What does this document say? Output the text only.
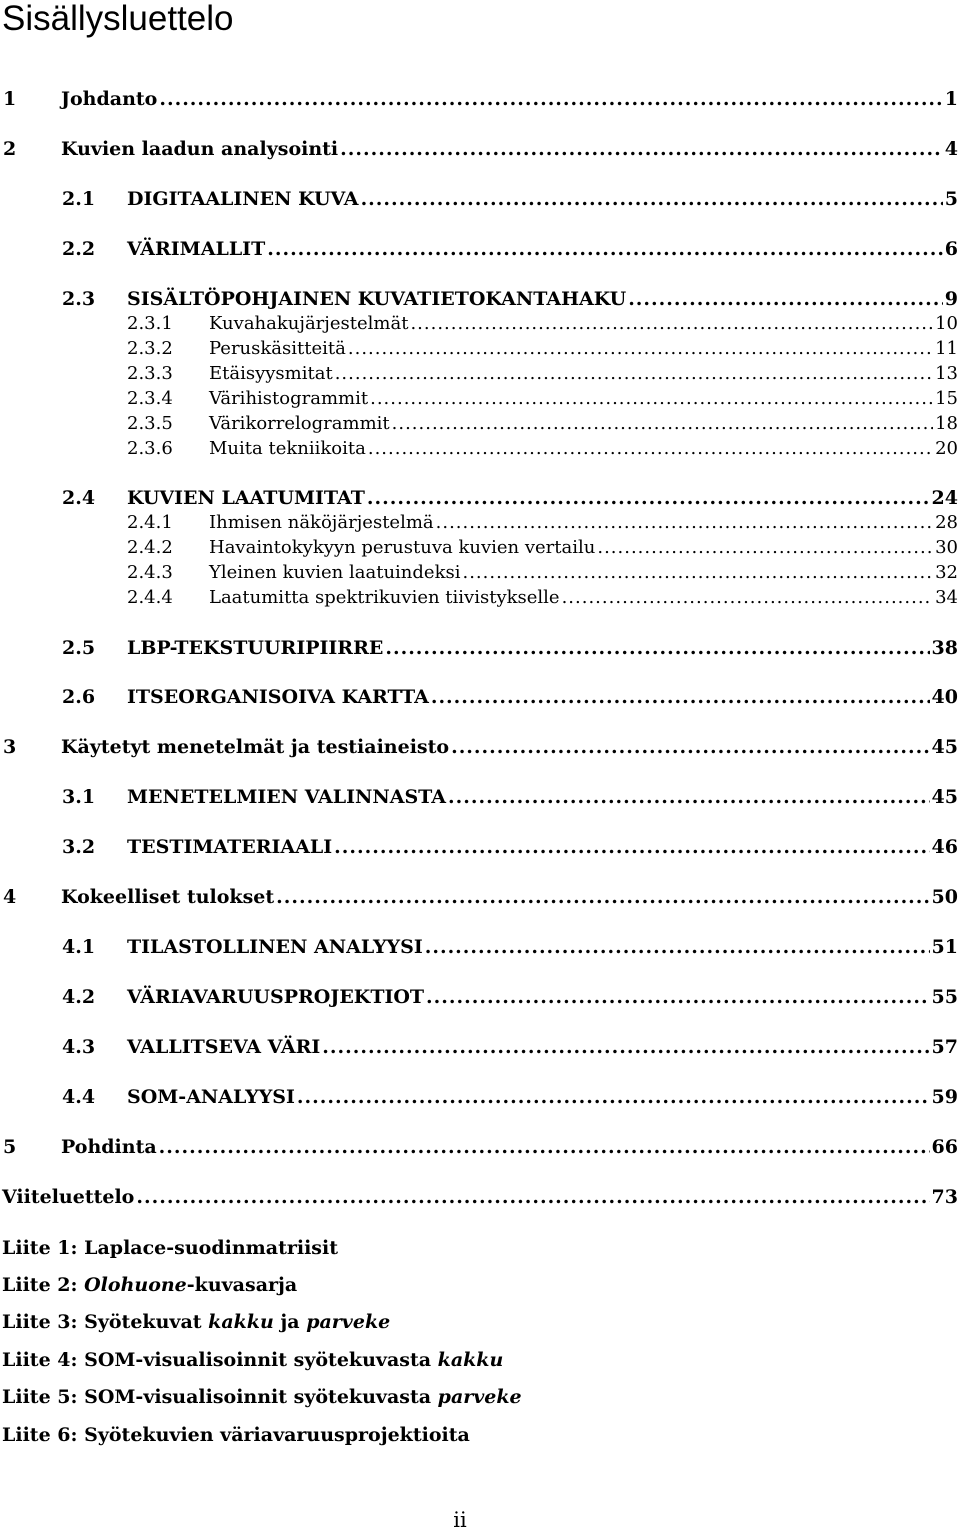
Sisällysluettelo
1 Johdanto .....	1
2 Kuvien laadun analysointi .....	4
2.1 DIGITAALINEN KUVA .....	5
2.2 VÄRIMALLIT .....	6
2.3 SISÄLTÖPOHJAINEN KUVATIETOKANTAHAKU .....	9
2.3.1 Kuvahakujärjestelmät .....	10
2.3.2 Peruskäsitteitä .....	11
2.3.3 Etäisyysmitat .....	13
2.3.4 Värihistogrammit .....	15
2.3.5 Värikorrelogrammit .....	18
2.3.6 Muita tekniikoita .....	20
2.4 KUVIEN LAATUMITAT .....	24
2.4.1 Ihmisen näköjärjestelmä .....	28
2.4.2 Havaintokykyyn perustuva kuvien vertailu .....	30
2.4.3 Yleinen kuvien laatuindeksi .....	32
2.4.4 Laatumitta spektrikuvien tiivistykselle .....	34
2.5 LBP-TEKSTUURIPIIRRE .....	38
2.6 ITSEORGANISOIVA KARTTA .....	40
3 Käytetyt menetelmät ja testiaineisto .....	45
3.1 MENETELMIEN VALINNASTA .....	45
3.2 TESTIMATERIAALI .....	46
4 Kokeelliset tulokset .....	50
4.1 TILASTOLLINEN ANALYYSI .....	51
4.2 VÄRIAVARUUSPROJEKTIOT .....	55
4.3 VALLITSEVA VÄRI .....	57
4.4 SOM-ANALYYSI .....	59
5 Pohdinta .....	66
Viiteluettelo .....	73
Liite 1: Laplace-suodinmatriisit
Liite 2: Olohuone-kuvasarja
Liite 3: Syötekuvat kakku ja parveke
Liite 4: SOM-visualisoinnit syötekuvasta kakku
Liite 5: SOM-visualisoinnit syötekuvasta parveke
Liite 6: Syötekuvien väriavaruusprojektioita
ii
